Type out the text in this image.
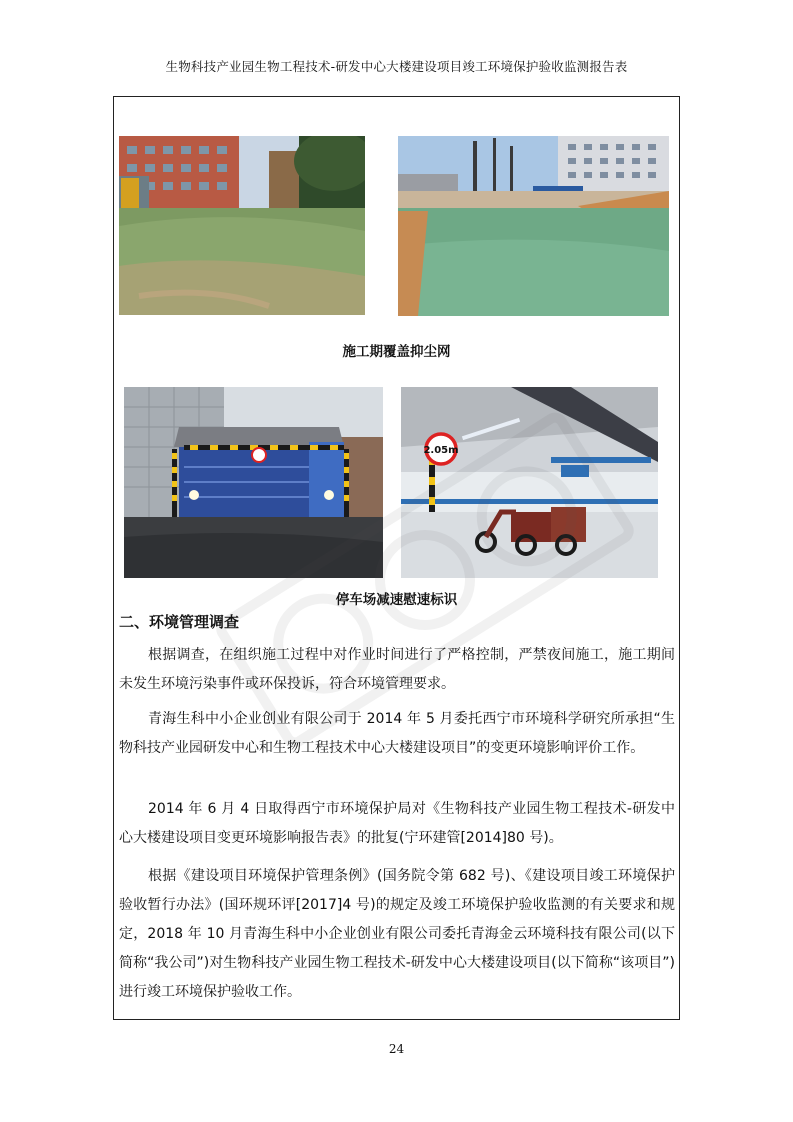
生物科技产业园生物工程技术-研发中心大楼建设项目竣工环境保护验收监测报告表
施工期覆盖抑尘网
2.05m
停车场减速慰速标识
二、环境管理调查

根据调查，在组织施工过程中对作业时间进行了严格控制，严禁夜间施工，施工期间未发生环境污染事件或环保投诉，符合环境管理要求。

青海生科中小企业创业有限公司于 2014 年 5 月委托西宁市环境科学研究所承担“生物科技产业园研发中心和生物工程技术中心大楼建设项目”的变更环境影响评价工作。

2014 年 6 月 4 日取得西宁市环境保护局对《生物科技产业园生物工程技术-研发中心大楼建设项目变更环境影响报告表》的批复(宁环建管[2014]80 号)。

根据《建设项目环境保护管理条例》(国务院令第 682 号)、《建设项目竣工环境保护验收暂行办法》(国环规环评[2017]4 号)的规定及竣工环境保护验收监测的有关要求和规定，2018 年 10 月青海生科中小企业创业有限公司委托青海金云环境科技有限公司(以下简称“我公司”)对生物科技产业园生物工程技术-研发中心大楼建设项目(以下简称“该项目”)进行竣工环境保护验收工作。

24
